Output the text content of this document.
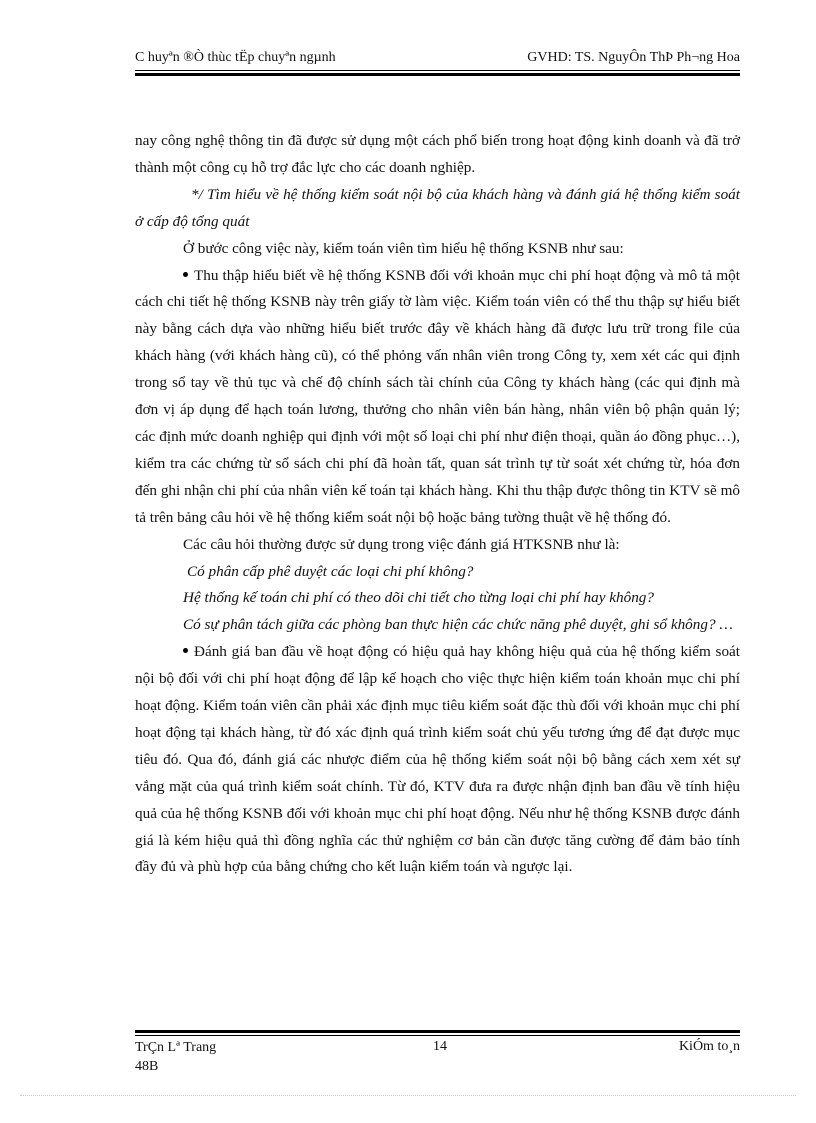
C huyªn ®Ò thùc tËp chuyªn ngµnh	GVHD: TS. NguyÔn ThÞ Ph¬ng Hoa

nay công nghệ thông tin đã được sử dụng một cách phổ biến trong hoạt động kinh doanh và đã trở thành một công cụ hỗ trợ đắc lực cho các doanh nghiệp.

*/ Tìm hiểu về hệ thống kiểm soát nội bộ của khách hàng và đánh giá hệ thống kiểm soát ở cấp độ tổng quát

Ở bước công việc này, kiểm toán viên tìm hiểu hệ thống KSNB như sau:

Thu thập hiểu biết về hệ thống KSNB đối với khoản mục chi phí hoạt động và mô tả một cách chi tiết hệ thống KSNB này trên giấy tờ làm việc. Kiểm toán viên có thể thu thập sự hiểu biết này bằng cách dựa vào những hiểu biết trước đây về khách hàng đã được lưu trữ trong file của khách hàng (với khách hàng cũ), có thể phỏng vấn nhân viên trong Công ty, xem xét các qui định trong sổ tay về thủ tục và chế độ chính sách tài chính của Công ty khách hàng (các qui định mà đơn vị áp dụng để hạch toán lương, thưởng cho nhân viên bán hàng, nhân viên bộ phận quản lý; các định mức doanh nghiệp qui định với một số loại chi phí như điện thoại, quần áo đồng phục…), kiểm tra các chứng từ sổ sách chi phí đã hoàn tất, quan sát trình tự từ soát xét chứng từ, hóa đơn đến ghi nhận chi phí của nhân viên kế toán tại khách hàng. Khi thu thập được thông tin KTV sẽ mô tả trên bảng câu hỏi về hệ thống kiểm soát nội bộ hoặc bảng tường thuật về hệ thống đó.

Các câu hỏi thường được sử dụng trong việc đánh giá HTKSNB như là:

Có phân cấp phê duyệt các loại chi phí không?

Hệ thống kế toán chi phí có theo dõi chi tiết cho từng loại chi phí hay không?

Có sự phân tách giữa các phòng ban thực hiện các chức năng phê duyệt, ghi sổ không? …

Đánh giá ban đầu về hoạt động có hiệu quả hay không hiệu quả của hệ thống kiểm soát nội bộ đối với chi phí hoạt động để lập kế hoạch cho việc thực hiện kiểm toán khoản mục chi phí hoạt động. Kiểm toán viên cần phải xác định mục tiêu kiểm soát đặc thù đối với khoản mục chi phí hoạt động tại khách hàng, từ đó xác định quá trình kiểm soát chủ yếu tương ứng để đạt được mục tiêu đó. Qua đó, đánh giá các nhược điểm của hệ thống kiểm soát nội bộ bằng cách xem xét sự vắng mặt của quá trình kiểm soát chính. Từ đó, KTV đưa ra được nhận định ban đầu về tính hiệu quả của hệ thống KSNB đối với khoản mục chi phí hoạt động. Nếu như hệ thống KSNB được đánh giá là kém hiệu quả thì đồng nghĩa các thử nghiệm cơ bản cần được tăng cường để đảm bảo tính đầy đủ và phù hợp của bằng chứng cho kết luận kiểm toán và ngược lại.

TrÇn Lª Trang
48B
14	KiÓm to¸n
